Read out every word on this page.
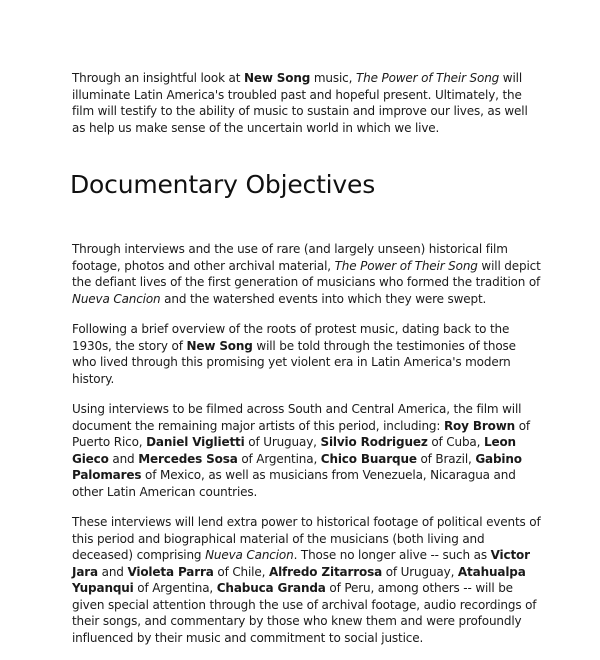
Through an insightful look at New Song music, The Power of Their Song will illuminate Latin America's troubled past and hopeful present. Ultimately, the film will testify to the ability of music to sustain and improve our lives, as well as help us make sense of the uncertain world in which we live.

Documentary Objectives

Through interviews and the use of rare (and largely unseen) historical film footage, photos and other archival material, The Power of Their Song will depict the defiant lives of the first generation of musicians who formed the tradition of Nueva Cancion and the watershed events into which they were swept.

Following a brief overview of the roots of protest music, dating back to the 1930s, the story of New Song will be told through the testimonies of those who lived through this promising yet violent era in Latin America's modern history.

Using interviews to be filmed across South and Central America, the film will document the remaining major artists of this period, including: Roy Brown of Puerto Rico, Daniel Viglietti of Uruguay, Silvio Rodriguez of Cuba, Leon Gieco and Mercedes Sosa of Argentina, Chico Buarque of Brazil, Gabino Palomares of Mexico, as well as musicians from Venezuela, Nicaragua and other Latin American countries.

These interviews will lend extra power to historical footage of political events of this period and biographical material of the musicians (both living and deceased) comprising Nueva Cancion. Those no longer alive -- such as Victor Jara and Violeta Parra of Chile, Alfredo Zitarrosa of Uruguay, Atahualpa Yupanqui of Argentina, Chabuca Granda of Peru, among others -- will be given special attention through the use of archival footage, audio recordings of their songs, and commentary by those who knew them and were profoundly influenced by their music and commitment to social justice.
